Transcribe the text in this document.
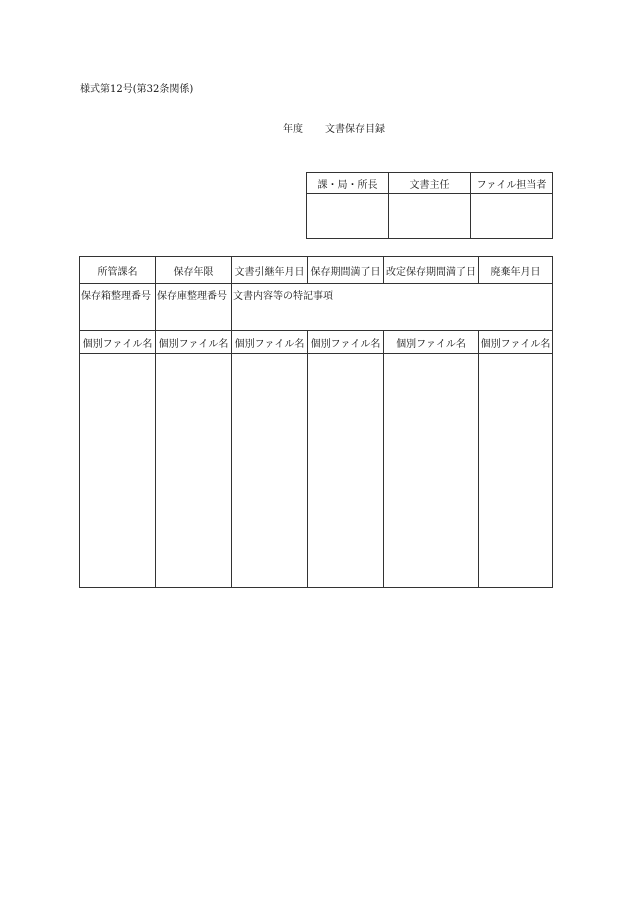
様式第12号(第32条関係)
年度 文書保存目録
課・局・所長	文書主任	ファイル担当者

所管課名	保存年限	文書引継年月日	保存期間満了日	改定保存期間満了日	廃棄年月日
保存箱整理番号	保存庫整理番号	文書内容等の特記事項			
個別ファイル名	個別ファイル名	個別ファイル名	個別ファイル名	個別ファイル名	個別ファイル名
